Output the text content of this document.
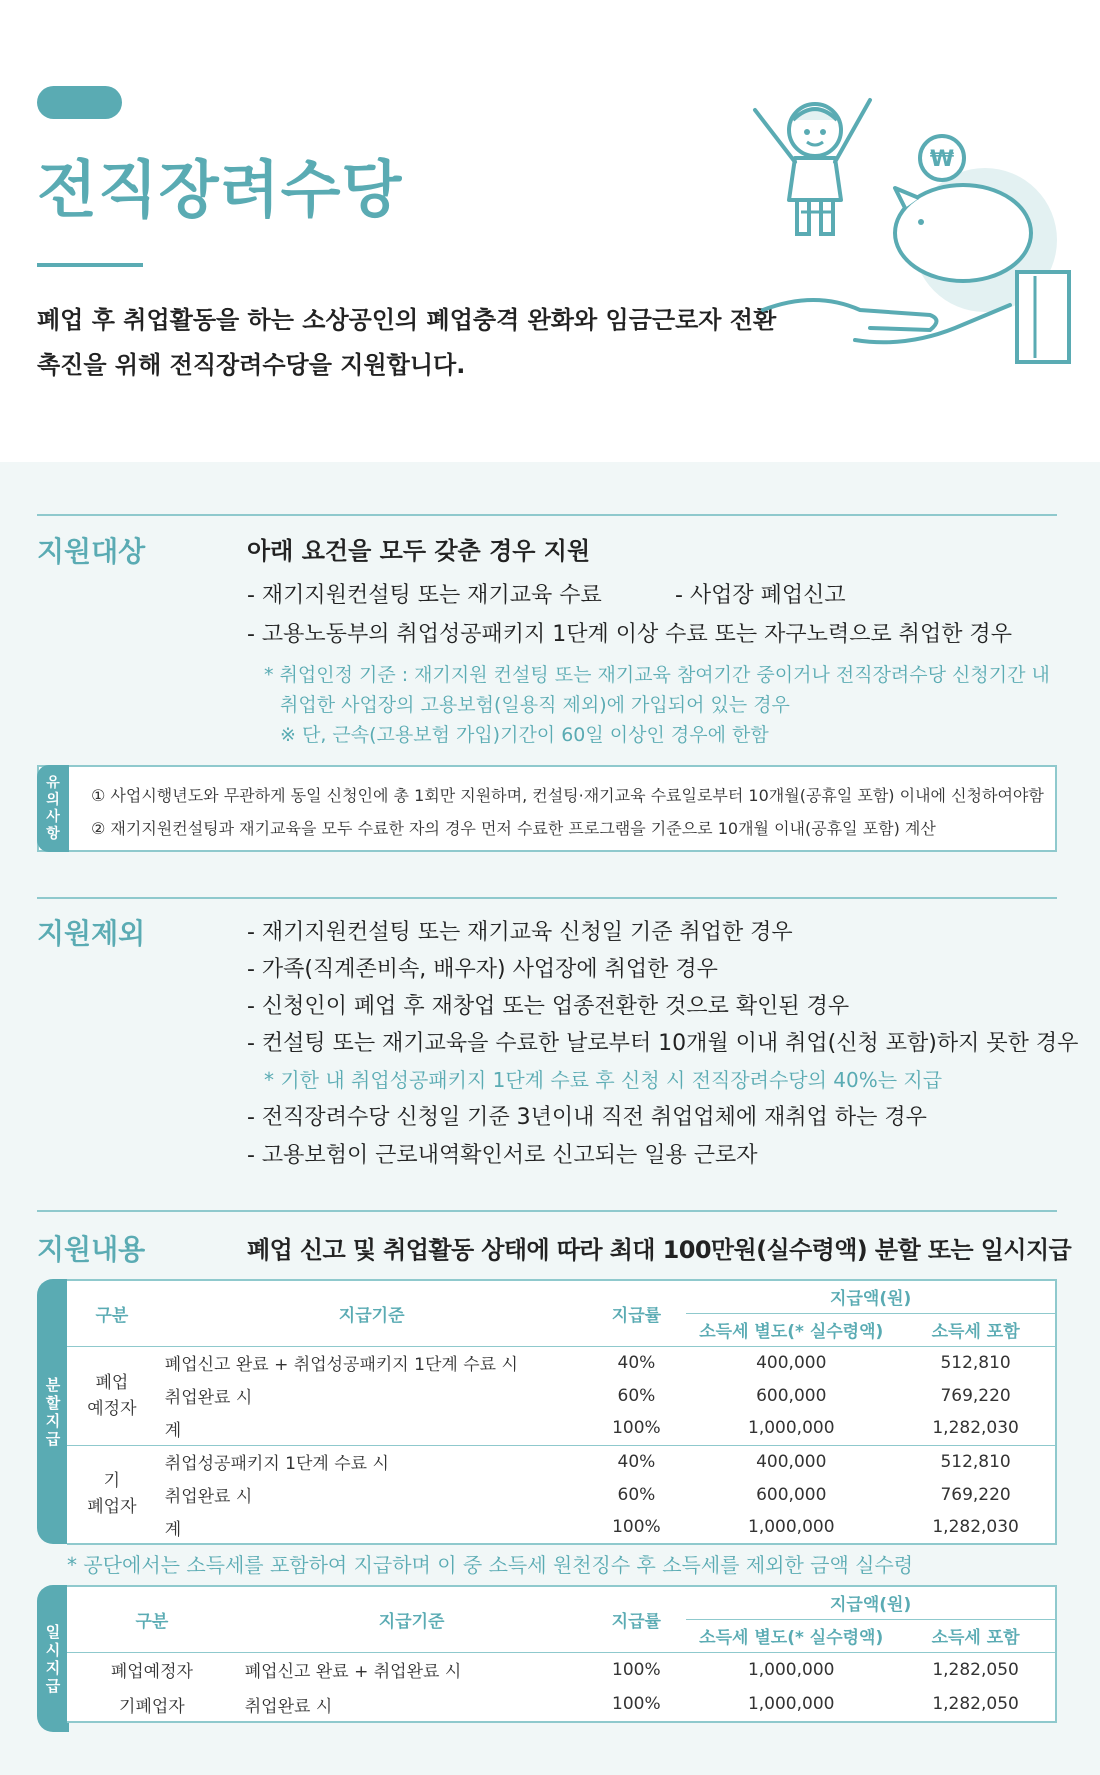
전직장려수당
폐업 후 취업활동을 하는 소상공인의 폐업충격 완화와 임금근로자 전환
촉진을 위해 전직장려수당을 지원합니다.
₩
지원대상	아래 요건을 모두 갖춘 경우 지원
- 재기지원컨설팅 또는 재기교육 수료	- 사업장 폐업신고
- 고용노동부의 취업성공패키지 1단계 이상 수료 또는 자구노력으로 취업한 경우
* 취업인정 기준 : 재기지원 컨설팅 또는 재기교육 참여기간 중이거나 전직장려수당 신청기간 내
취업한 사업장의 고용보험(일용직 제외)에 가입되어 있는 경우
※ 단, 근속(고용보험 가입)기간이 60일 이상인 경우에 한함
유
의
사
항
① 사업시행년도와 무관하게 동일 신청인에 총 1회만 지원하며, 컨설팅·재기교육 수료일로부터 10개월(공휴일 포함) 이내에 신청하여야함
② 재기지원컨설팅과 재기교육을 모두 수료한 자의 경우 먼저 수료한 프로그램을 기준으로 10개월 이내(공휴일 포함) 계산
지원제외	- 재기지원컨설팅 또는 재기교육 신청일 기준 취업한 경우
- 가족(직계존비속, 배우자) 사업장에 취업한 경우
- 신청인이 폐업 후 재창업 또는 업종전환한 것으로 확인된 경우
- 컨설팅 또는 재기교육을 수료한 날로부터 10개월 이내 취업(신청 포함)하지 못한 경우
* 기한 내 취업성공패키지 1단계 수료 후 신청 시 전직장려수당의 40%는 지급
- 전직장려수당 신청일 기준 3년이내 직전 취업업체에 재취업 하는 경우
- 고용보험이 근로내역확인서로 신고되는 일용 근로자
지원내용	폐업 신고 및 취업활동 상태에 따라 최대 100만원(실수령액) 분할 또는 일시지급
분
할
지
급
구분	지급기준	지급률	지급액(원)	
			소득세 별도(* 실수령액)	소득세 포함
폐업
예정자	폐업신고 완료 + 취업성공패키지 1단계 수료 시	40%	400,000	512,810
	취업완료 시	60%	600,000	769,220
	계	100%	1,000,000	1,282,030
기
폐업자	취업성공패키지 1단계 수료 시	40%	400,000	512,810
	취업완료 시	60%	600,000	769,220
	계	100%	1,000,000	1,282,030
* 공단에서는 소득세를 포함하여 지급하며 이 중 소득세 원천징수 후 소득세를 제외한 금액 실수령
일
시
지
급
구분	지급기준	지급률	지급액(원)	
			소득세 별도(* 실수령액)	소득세 포함
폐업예정자	폐업신고 완료 + 취업완료 시	100%	1,000,000	1,282,050
기폐업자	취업완료 시	100%	1,000,000	1,282,050
